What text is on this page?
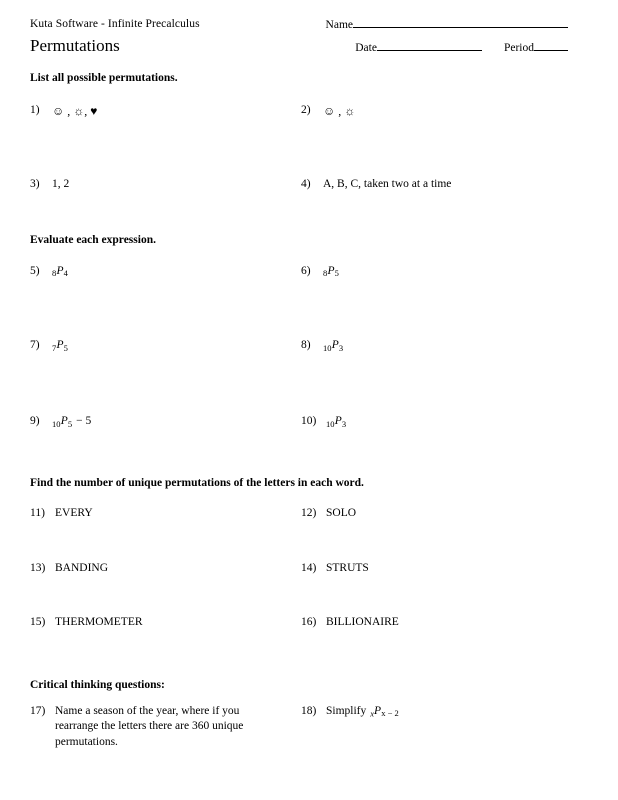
Kuta Software - Infinite Precalculus	Name
Permutations	Date	Period
List all possible permutations.
1)	☺ , ☼, ♥	2)	☺ , ☼
3)	1, 2	4)	A, B, C, taken two at a time
Evaluate each expression.
5)	$_8P_4$	6)	$_8P_5$
7)	$_7P_5$	8)	$_{10}P_3$
9)	$_{10}P_5 - 5$	10)	$_{10}P_3$
Find the number of unique permutations of the letters in each word.
11) EVERY	12) SOLO
13) BANDING	14) STRUTS
15) THERMOMETER	16) BILLIONAIRE
Critical thinking questions:
17) Name a season of the year, where if you rearrange the letters there are 360 unique permutations.
18) Simplify $_xP_{x - 2}$
